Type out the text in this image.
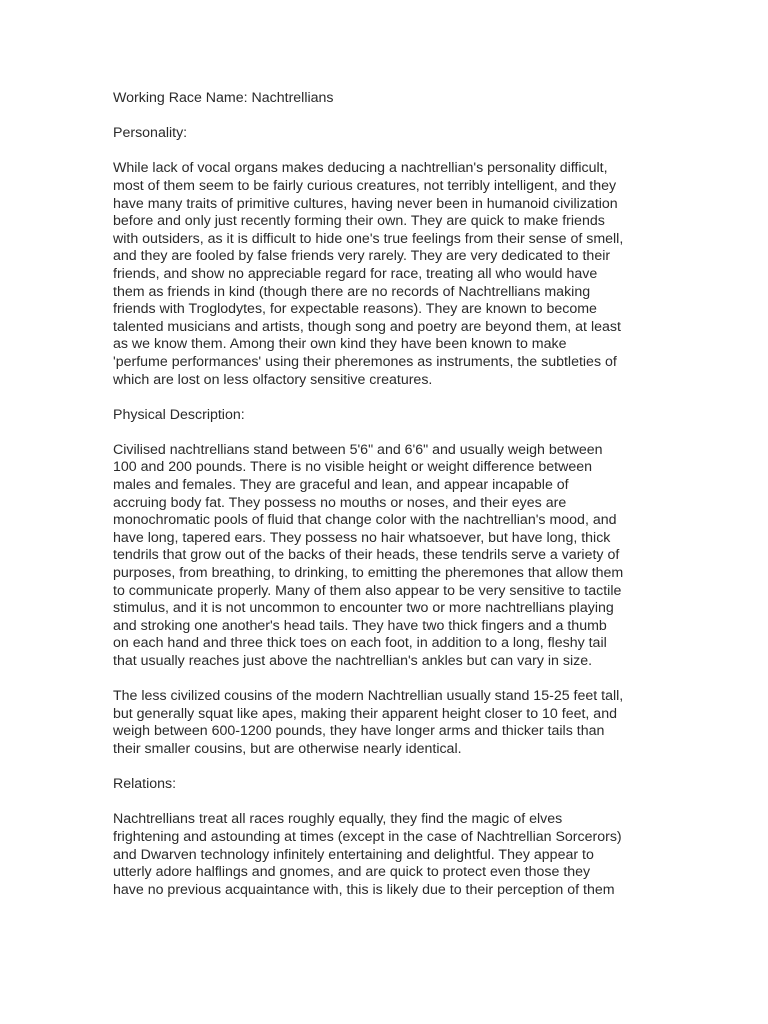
Working Race Name: Nachtrellians

Personality:

While lack of vocal organs makes deducing a nachtrellian's personality difficult,
most of them seem to be fairly curious creatures, not terribly intelligent, and they
have many traits of primitive cultures, having never been in humanoid civilization
before and only just recently forming their own. They are quick to make friends
with outsiders, as it is difficult to hide one's true feelings from their sense of smell,
and they are fooled by false friends very rarely. They are very dedicated to their
friends, and show no appreciable regard for race, treating all who would have
them as friends in kind (though there are no records of Nachtrellians making
friends with Troglodytes, for expectable reasons). They are known to become
talented musicians and artists, though song and poetry are beyond them, at least
as we know them. Among their own kind they have been known to make
'perfume performances' using their pheremones as instruments, the subtleties of
which are lost on less olfactory sensitive creatures.

Physical Description:

Civilised nachtrellians stand between 5'6" and 6'6" and usually weigh between
100 and 200 pounds. There is no visible height or weight difference between
males and females. They are graceful and lean, and appear incapable of
accruing body fat. They possess no mouths or noses, and their eyes are
monochromatic pools of fluid that change color with the nachtrellian's mood, and
have long, tapered ears. They possess no hair whatsoever, but have long, thick
tendrils that grow out of the backs of their heads, these tendrils serve a variety of
purposes, from breathing, to drinking, to emitting the pheremones that allow them
to communicate properly. Many of them also appear to be very sensitive to tactile
stimulus, and it is not uncommon to encounter two or more nachtrellians playing
and stroking one another's head tails. They have two thick fingers and a thumb
on each hand and three thick toes on each foot, in addition to a long, fleshy tail
that usually reaches just above the nachtrellian's ankles but can vary in size.

The less civilized cousins of the modern Nachtrellian usually stand 15-25 feet tall,
but generally squat like apes, making their apparent height closer to 10 feet, and
weigh between 600-1200 pounds, they have longer arms and thicker tails than
their smaller cousins, but are otherwise nearly identical.

Relations:

Nachtrellians treat all races roughly equally, they find the magic of elves
frightening and astounding at times (except in the case of Nachtrellian Sorcerors)
and Dwarven technology infinitely entertaining and delightful. They appear to
utterly adore halflings and gnomes, and are quick to protect even those they
have no previous acquaintance with, this is likely due to their perception of them
